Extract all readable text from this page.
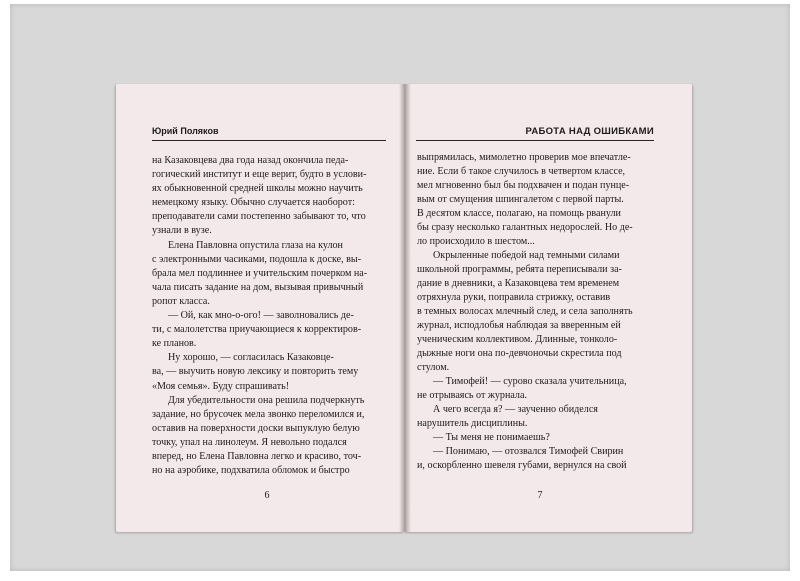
Юрий Поляков
на Казаковцева два года назад окончила педа-
гогический институт и еще верит, будто в услови-
ях обыкновенной средней школы можно научить
немецкому языку. Обычно случается наоборот:
преподаватели сами постепенно забывают то, что
узнали в вузе.
Елена Павловна опустила глаза на кулон
с электронными часиками, подошла к доске, вы-
брала мел подлиннее и учительским почерком на-
чала писать задание на дом, вызывая привычный
ропот класса.
— Ой, как мно-о-ого! — заволновались де-
ти, с малолетства приучающиеся к корректиров-
ке планов.
Ну хорошо, — согласилась Казаковце-
ва, — выучить новую лексику и повторить тему
«Моя семья». Буду спрашивать!
Для убедительности она решила подчеркнуть
задание, но брусочек мела звонко переломился и,
оставив на поверхности доски выпуклую белую
точку, упал на линолеум. Я невольно подался
вперед, но Елена Павловна легко и красиво, точ-
но на аэробике, подхватила обломок и быстро
6
РАБОТА НАД ОШИБКАМИ
выпрямилась, мимолетно проверив мое впечатле-
ние. Если б такое случилось в четвертом классе,
мел мгновенно был бы подхвачен и подан пунце-
вым от смущения шпингалетом с первой парты.
В десятом классе, полагаю, на помощь рванули
бы сразу несколько галантных недорослей. Но де-
ло происходило в шестом...
Окрыленные победой над темными силами
школьной программы, ребята переписывали за-
дание в дневники, а Казаковцева тем временем
отряхнула руки, поправила стрижку, оставив
в темных волосах млечный след, и села заполнять
журнал, исподлобья наблюдая за вверенным ей
ученическим коллективом. Длинные, тонколо-
дыжные ноги она по-девчоночьи скрестила под
стулом.
— Тимофей! — сурово сказала учительница,
не отрываясь от журнала.
А чего всегда я? — заученно обиделся
нарушитель дисциплины.
— Ты меня не понимаешь?
— Понимаю, — отозвался Тимофей Свирин
и, оскорбленно шевеля губами, вернулся на свой
7
